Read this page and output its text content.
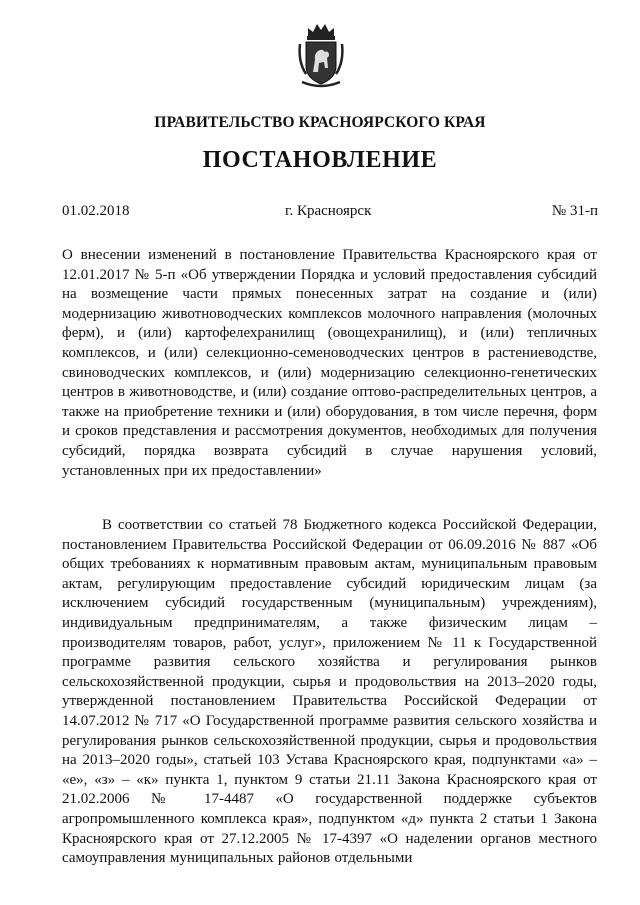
ПРАВИТЕЛЬСТВО КРАСНОЯРСКОГО КРАЯ
ПОСТАНОВЛЕНИЕ
01.02.2018	г. Красноярск	№ 31-п
О внесении изменений в постановление Правительства Красноярского края от 12.01.2017 № 5-п «Об утверждении Порядка и условий предоставления субсидий на возмещение части прямых понесенных затрат на создание и (или) модернизацию животноводческих комплексов молочного направления (молочных ферм), и (или) картофелехранилищ (овощехранилищ), и (или) тепличных комплексов, и (или) селекционно-семеноводческих центров в растениеводстве, свиноводческих комплексов, и (или) модернизацию селекционно-генетических центров в животноводстве, и (или) создание оптово-распределительных центров, а также на приобретение техники и (или) оборудования, в том числе перечня, форм и сроков представления и рассмотрения документов, необходимых для получения субсидий, порядка возврата субсидий в случае нарушения условий, установленных при их предоставлении»
В соответствии со статьей 78 Бюджетного кодекса Российской Федерации, постановлением Правительства Российской Федерации от 06.09.2016 № 887 «Об общих требованиях к нормативным правовым актам, муниципальным правовым актам, регулирующим предоставление субсидий юридическим лицам (за исключением субсидий государственным (муниципальным) учреждениям), индивидуальным предпринимателям, а также физическим лицам – производителям товаров, работ, услуг», приложением № 11 к Государственной программе развития сельского хозяйства и регулирования рынков сельскохозяйственной продукции, сырья и продовольствия на 2013–2020 годы, утвержденной постановлением Правительства Российской Федерации от 14.07.2012 № 717 «О Государственной программе развития сельского хозяйства и регулирования рынков сельскохозяйственной продукции, сырья и продовольствия на 2013–2020 годы», статьей 103 Устава Красноярского края, подпунктами «а» – «е», «з» – «к» пункта 1, пунктом 9 статьи 21.11 Закона Красноярского края от 21.02.2006 № 17-4487 «О государственной поддержке субъектов агропромышленного комплекса края», подпунктом «д» пункта 2 статьи 1 Закона Красноярского края от 27.12.2005 № 17-4397 «О наделении органов местного самоуправления муниципальных районов отдельными
